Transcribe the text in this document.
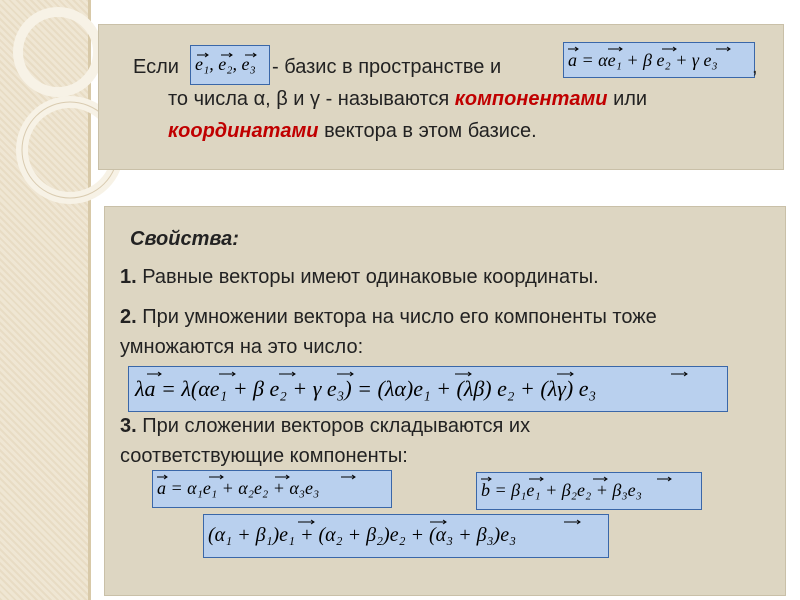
Если e₁, e₂, e₃ - базис в пространстве и	a = αe₁ + β e₂ + γ e₃ ,
то числа α, β и γ - называются компонентами или
координатами вектора в этом базисе.
Свойства:
1. Равные векторы имеют одинаковые координаты.
2. При умножении вектора на число его компоненты тоже
умножаются на это число:
λa = λ(αe₁ + β e₂ + γ e₃) = (λα)e₁ + (λβ) e₂ + (λγ) e₃
3. При сложении векторов складываются их
соответствующие компоненты:
a = α₁e₁ + α₂e₂ + α₃e₃	b = β₁e₁ + β₂e₂ + β₃e₃
(α₁ + β₁)e₁ + (α₂ + β₂)e₂ + (α₃ + β₃)e₃
